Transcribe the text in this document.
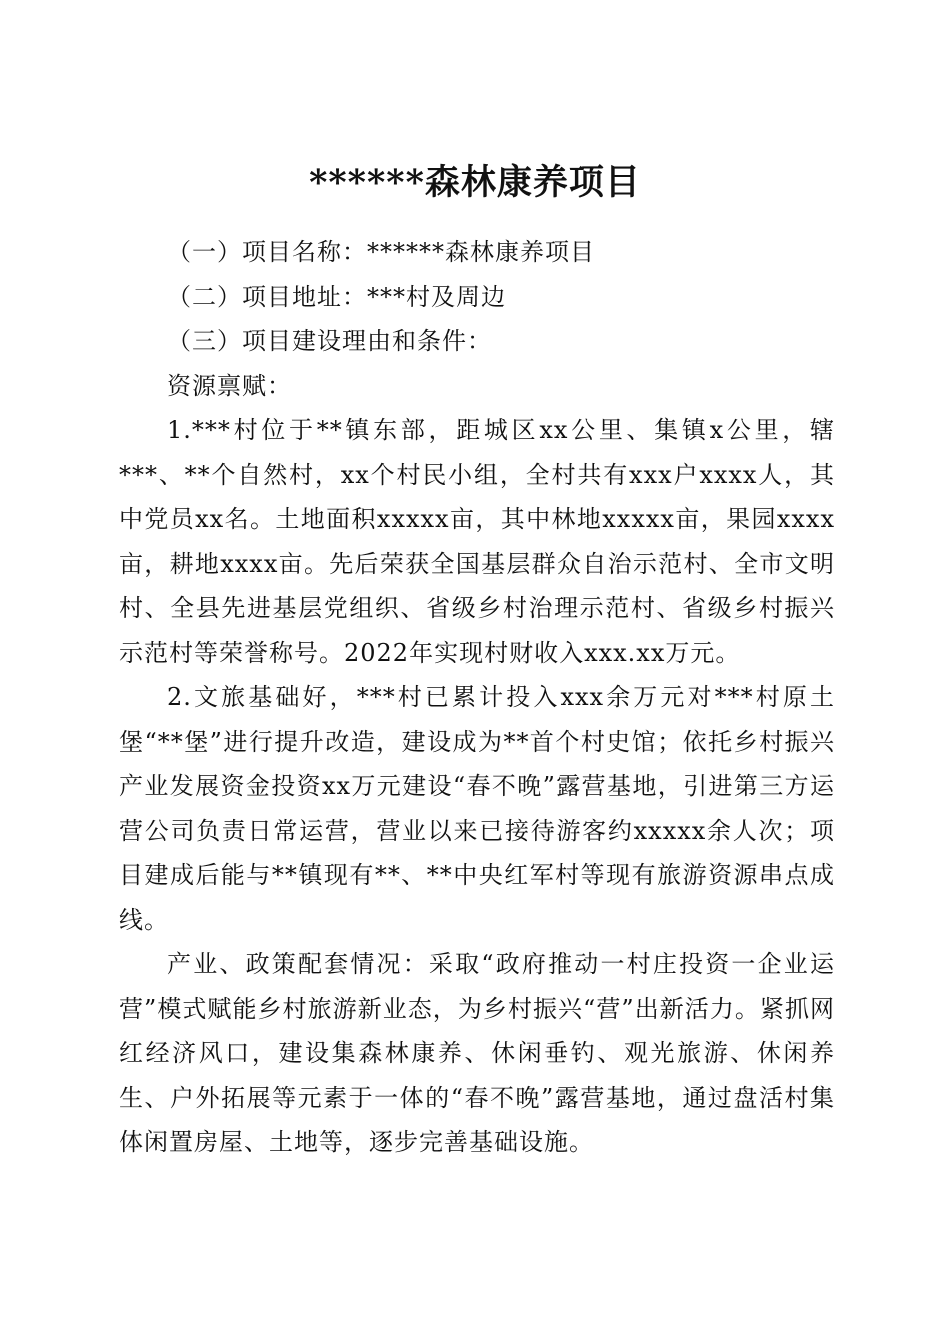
******森林康养项目

（一）项目名称：******森林康养项目

（二）项目地址：***村及周边

（三）项目建设理由和条件：

资源禀赋：

1.***村位于**镇东部，距城区xx公里、集镇x公里，辖***、**个自然村，xx个村民小组，全村共有xxx户xxxx人，其中党员xx名。土地面积xxxxx亩，其中林地xxxxx亩，果园xxxx亩，耕地xxxx亩。先后荣获全国基层群众自治示范村、全市文明村、全县先进基层党组织、省级乡村治理示范村、省级乡村振兴示范村等荣誉称号。2022年实现村财收入xxx.xx万元。

2.文旅基础好，***村已累计投入xxx余万元对***村原土堡“**堡”进行提升改造，建设成为**首个村史馆；依托乡村振兴产业发展资金投资xx万元建设“春不晚”露营基地，引进第三方运营公司负责日常运营，营业以来已接待游客约xxxxx余人次；项目建成后能与**镇现有**、**中央红军村等现有旅游资源串点成线。

产业、政策配套情况：采取“政府推动一村庄投资一企业运营”模式赋能乡村旅游新业态，为乡村振兴“营”出新活力。紧抓网红经济风口，建设集森林康养、休闲垂钓、观光旅游、休闲养生、户外拓展等元素于一体的“春不晚”露营基地，通过盘活村集体闲置房屋、土地等，逐步完善基础设施。
